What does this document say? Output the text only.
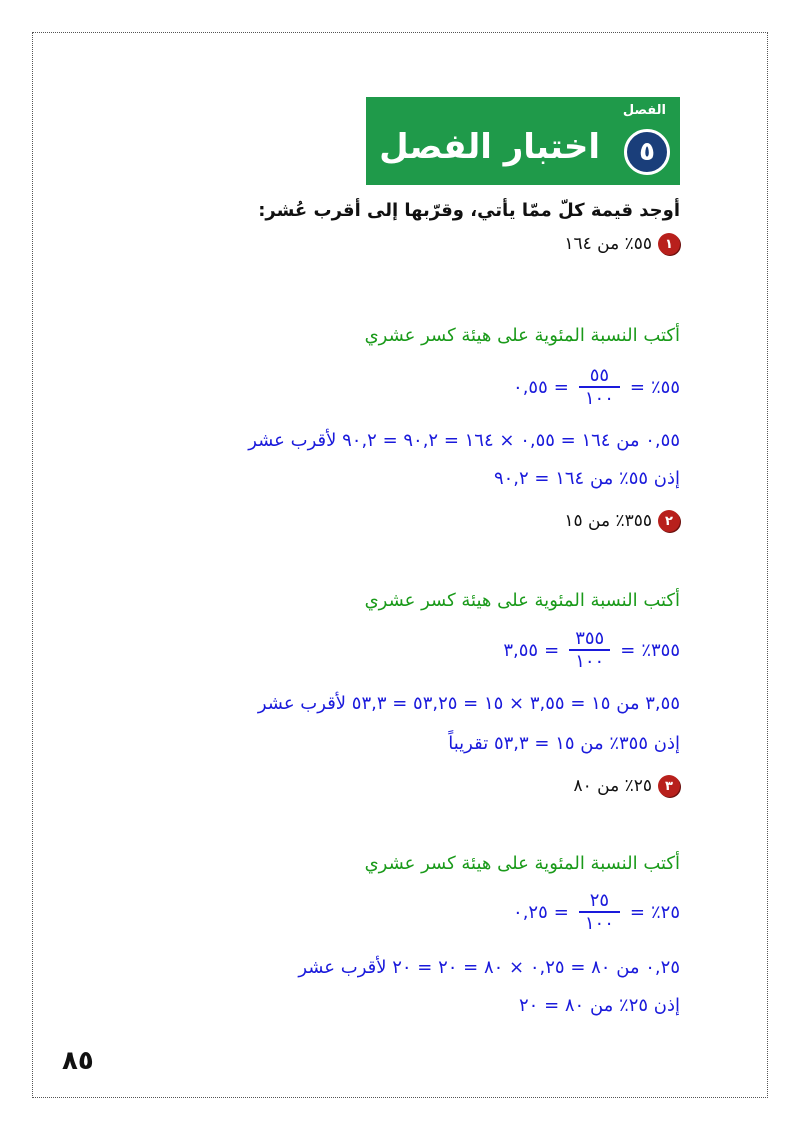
الفصل
٥
اختبار الفصل
أوجد قيمة كلّ ممّا يأتي، وقرّبها إلى أقرب عُشر:
١
٥٥٪ من ١٦٤
أكتب النسبة المئوية على هيئة كسر عشري
٥٥٪
=
$\frac{٥٥}{١٠٠}$
=
٠,٥٥
٠,٥٥ من ١٦٤ = ٠,٥٥ × ١٦٤ = ٩٠,٢ = ٩٠,٢ لأقرب عشر
إذن ٥٥٪ من ١٦٤ = ٩٠,٢
٢
٣٥٥٪ من ١٥
أكتب النسبة المئوية على هيئة كسر عشري
٣٥٥٪
=
$\frac{٣٥٥}{١٠٠}$
=
٣,٥٥
٣,٥٥ من ١٥ = ٣,٥٥ × ١٥ = ٥٣,٢٥ = ٥٣,٣ لأقرب عشر
إذن ٣٥٥٪ من ١٥ = ٥٣,٣ تقريباً
٣
٢٥٪ من ٨٠
أكتب النسبة المئوية على هيئة كسر عشري
٢٥٪
=
$\frac{٢٥}{١٠٠}$
=
٠,٢٥
٠,٢٥ من ٨٠ = ٠,٢٥ × ٨٠ = ٢٠ = ٢٠ لأقرب عشر
إذن ٢٥٪ من ٨٠ = ٢٠
٨٥
